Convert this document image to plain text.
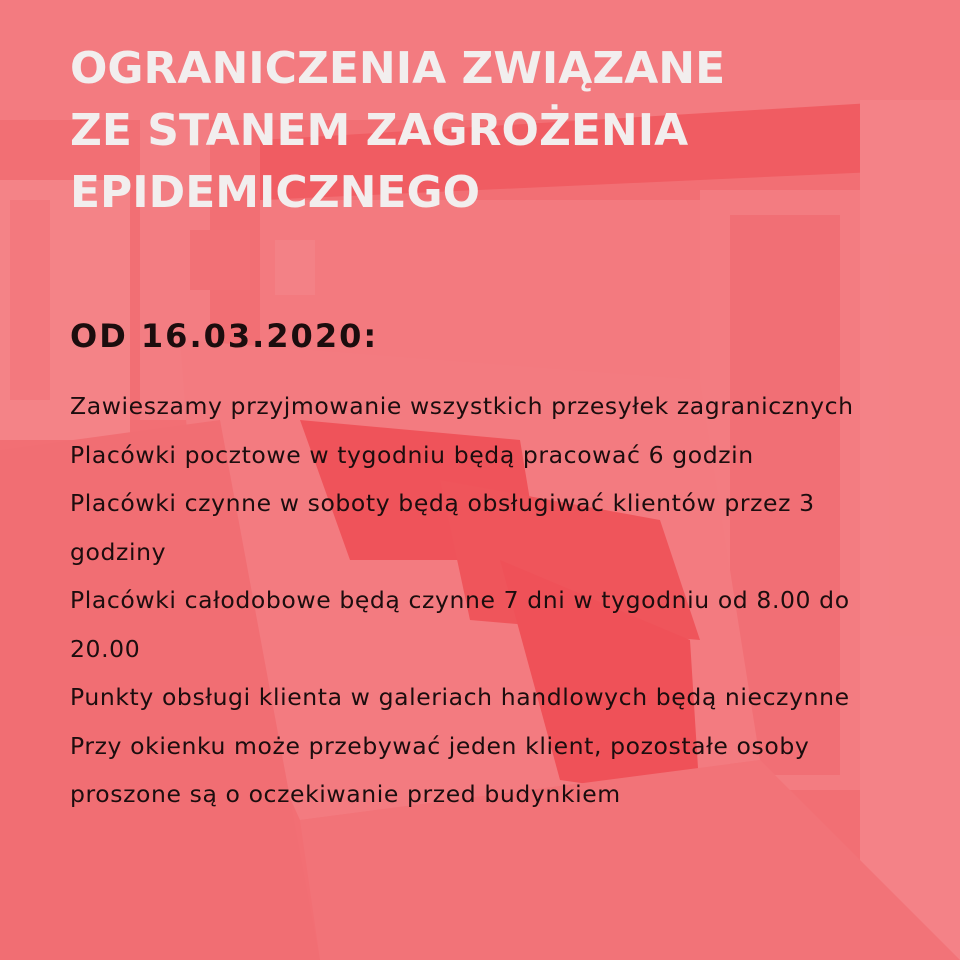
OGRANICZENIA ZWIĄZANE
ZE STANEM ZAGROŻENIA
EPIDEMICZNEGO
OD 16.03.2020:
Zawieszamy przyjmowanie wszystkich przesyłek zagranicznych
Placówki pocztowe w tygodniu będą pracować 6 godzin
Placówki czynne w soboty będą obsługiwać klientów przez 3 godziny
Placówki całodobowe będą czynne 7 dni w tygodniu od 8.00 do 20.00
Punkty obsługi klienta w galeriach handlowych będą nieczynne
Przy okienku może przebywać jeden klient, pozostałe osoby proszone są o oczekiwanie przed budynkiem
